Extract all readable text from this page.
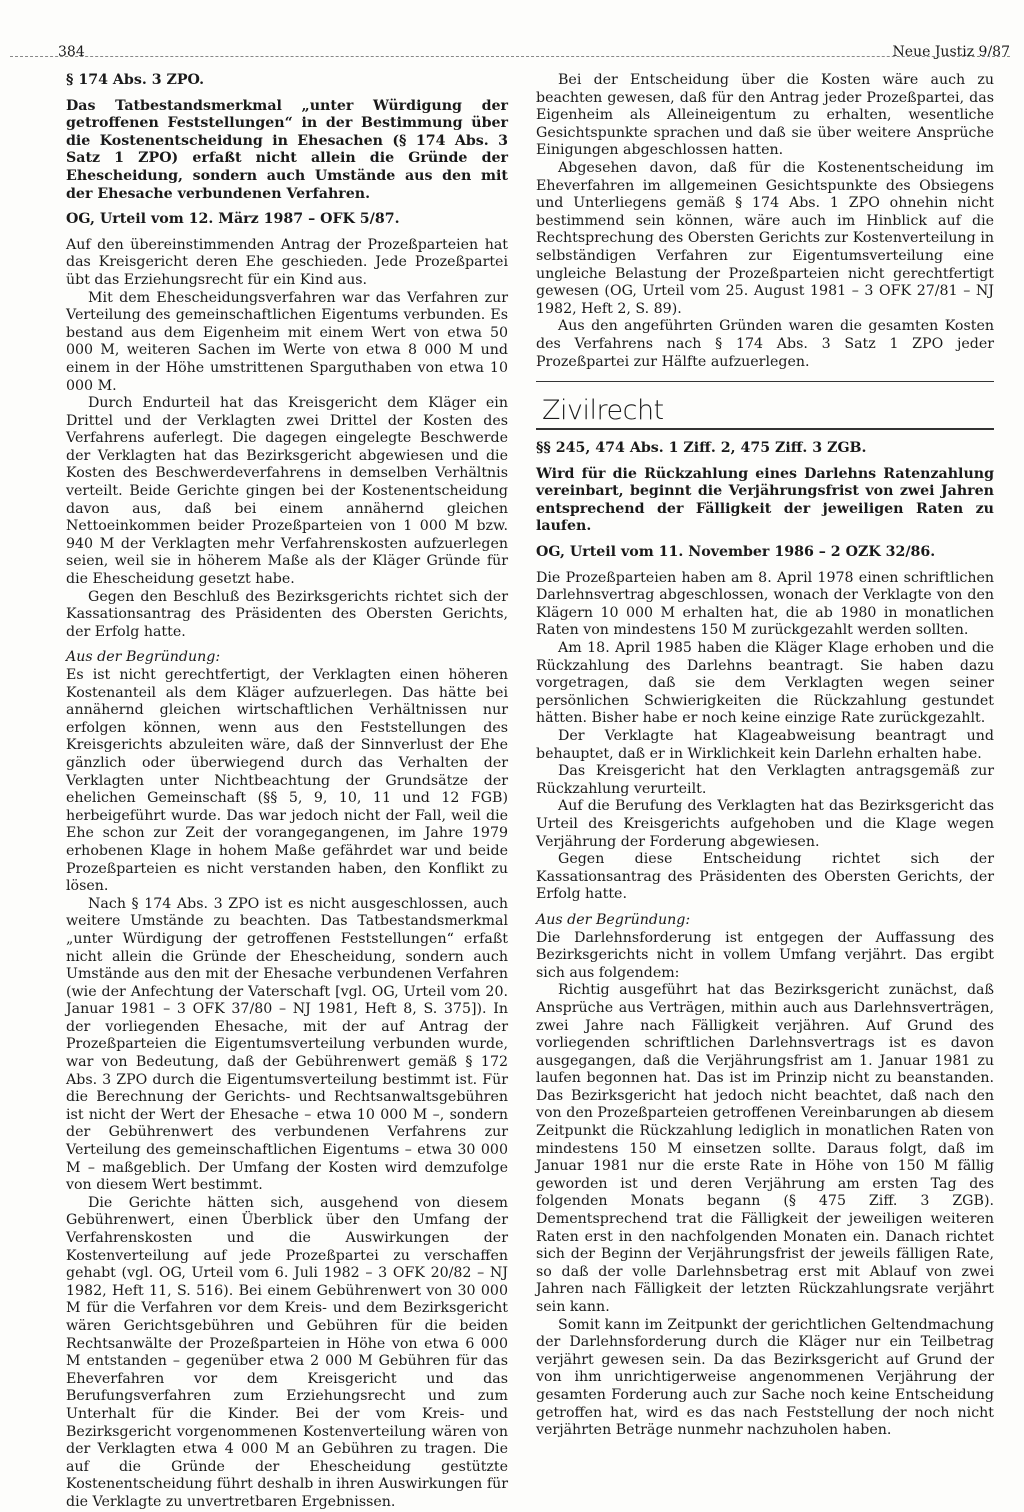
384	Neue Justiz 9/87

§ 174 Abs. 3 ZPO.

Das Tatbestandsmerkmal „unter Würdigung der getroffenen Feststellungen“ in der Bestimmung über die Kostenentscheidung in Ehesachen (§ 174 Abs. 3 Satz 1 ZPO) erfaßt nicht allein die Gründe der Ehescheidung, sondern auch Umstände aus den mit der Ehesache verbundenen Verfahren.

OG, Urteil vom 12. März 1987 – OFK 5/87.

Auf den übereinstimmenden Antrag der Prozeßparteien hat das Kreisgericht deren Ehe geschieden. Jede Prozeßpartei übt das Erziehungsrecht für ein Kind aus.

Mit dem Ehescheidungsverfahren war das Verfahren zur Verteilung des gemeinschaftlichen Eigentums verbunden. Es bestand aus dem Eigenheim mit einem Wert von etwa 50 000 M, weiteren Sachen im Werte von etwa 8 000 M und einem in der Höhe umstrittenen Sparguthaben von etwa 10 000 M.

Durch Endurteil hat das Kreisgericht dem Kläger ein Drittel und der Verklagten zwei Drittel der Kosten des Verfahrens auferlegt. Die dagegen eingelegte Beschwerde der Verklagten hat das Bezirksgericht abgewiesen und die Kosten des Beschwerdeverfahrens in demselben Verhältnis verteilt. Beide Gerichte gingen bei der Kostenentscheidung davon aus, daß bei einem annähernd gleichen Nettoeinkommen beider Prozeßparteien von 1 000 M bzw. 940 M der Verklagten mehr Verfahrenskosten aufzuerlegen seien, weil sie in höherem Maße als der Kläger Gründe für die Ehescheidung gesetzt habe.

Gegen den Beschluß des Bezirksgerichts richtet sich der Kassationsantrag des Präsidenten des Obersten Gerichts, der Erfolg hatte.

Aus der Begründung:

Es ist nicht gerechtfertigt, der Verklagten einen höheren Kostenanteil als dem Kläger aufzuerlegen. Das hätte bei annähernd gleichen wirtschaftlichen Verhältnissen nur erfolgen können, wenn aus den Feststellungen des Kreisgerichts abzuleiten wäre, daß der Sinnverlust der Ehe gänzlich oder überwiegend durch das Verhalten der Verklagten unter Nichtbeachtung der Grundsätze der ehelichen Gemeinschaft (§§ 5, 9, 10, 11 und 12 FGB) herbeigeführt wurde. Das war jedoch nicht der Fall, weil die Ehe schon zur Zeit der vorangegangenen, im Jahre 1979 erhobenen Klage in hohem Maße gefährdet war und beide Prozeßparteien es nicht verstanden haben, den Konflikt zu lösen.

Nach § 174 Abs. 3 ZPO ist es nicht ausgeschlossen, auch weitere Umstände zu beachten. Das Tatbestandsmerkmal „unter Würdigung der getroffenen Feststellungen“ erfaßt nicht allein die Gründe der Ehescheidung, sondern auch Umstände aus den mit der Ehesache verbundenen Verfahren (wie der Anfechtung der Vaterschaft [vgl. OG, Urteil vom 20. Januar 1981 – 3 OFK 37/80 – NJ 1981, Heft 8, S. 375]). In der vorliegenden Ehesache, mit der auf Antrag der Prozeßparteien die Eigentumsverteilung verbunden wurde, war von Bedeutung, daß der Gebührenwert gemäß § 172 Abs. 3 ZPO durch die Eigentumsverteilung bestimmt ist. Für die Berechnung der Gerichts- und Rechtsanwaltsgebühren ist nicht der Wert der Ehesache – etwa 10 000 M –, sondern der Gebührenwert des verbundenen Verfahrens zur Verteilung des gemeinschaftlichen Eigentums – etwa 30 000 M – maßgeblich. Der Umfang der Kosten wird demzufolge von diesem Wert bestimmt.

Die Gerichte hätten sich, ausgehend von diesem Gebührenwert, einen Überblick über den Umfang der Verfahrenskosten und die Auswirkungen der Kostenverteilung auf jede Prozeßpartei zu verschaffen gehabt (vgl. OG, Urteil vom 6. Juli 1982 – 3 OFK 20/82 – NJ 1982, Heft 11, S. 516). Bei einem Gebührenwert von 30 000 M für die Verfahren vor dem Kreis- und dem Bezirksgericht wären Gerichtsgebühren und Gebühren für die beiden Rechtsanwälte der Prozeßparteien in Höhe von etwa 6 000 M entstanden – gegenüber etwa 2 000 M Gebühren für das Eheverfahren vor dem Kreisgericht und das Berufungsverfahren zum Erziehungsrecht und zum Unterhalt für die Kinder. Bei der vom Kreis- und Bezirksgericht vorgenommenen Kostenverteilung wären von der Verklagten etwa 4 000 M an Gebühren zu tragen. Die auf die Gründe der Ehescheidung gestützte Kostenentscheidung führt deshalb in ihren Auswirkungen für die Verklagte zu unvertretbaren Ergebnissen.

Bei der Entscheidung über die Kosten wäre auch zu beachten gewesen, daß für den Antrag jeder Prozeßpartei, das Eigenheim als Alleineigentum zu erhalten, wesentliche Gesichtspunkte sprachen und daß sie über weitere Ansprüche Einigungen abgeschlossen hatten.

Abgesehen davon, daß für die Kostenentscheidung im Eheverfahren im allgemeinen Gesichtspunkte des Obsiegens und Unterliegens gemäß § 174 Abs. 1 ZPO ohnehin nicht bestimmend sein können, wäre auch im Hinblick auf die Rechtsprechung des Obersten Gerichts zur Kostenverteilung in selbständigen Verfahren zur Eigentumsverteilung eine ungleiche Belastung der Prozeßparteien nicht gerechtfertigt gewesen (OG, Urteil vom 25. August 1981 – 3 OFK 27/81 – NJ 1982, Heft 2, S. 89).

Aus den angeführten Gründen waren die gesamten Kosten des Verfahrens nach § 174 Abs. 3 Satz 1 ZPO jeder Prozeßpartei zur Hälfte aufzuerlegen.

Zivilrecht

§§ 245, 474 Abs. 1 Ziff. 2, 475 Ziff. 3 ZGB.

Wird für die Rückzahlung eines Darlehns Ratenzahlung vereinbart, beginnt die Verjährungsfrist von zwei Jahren entsprechend der Fälligkeit der jeweiligen Raten zu laufen.

OG, Urteil vom 11. November 1986 – 2 OZK 32/86.

Die Prozeßparteien haben am 8. April 1978 einen schriftlichen Darlehnsvertrag abgeschlossen, wonach der Verklagte von den Klägern 10 000 M erhalten hat, die ab 1980 in monatlichen Raten von mindestens 150 M zurückgezahlt werden sollten.

Am 18. April 1985 haben die Kläger Klage erhoben und die Rückzahlung des Darlehns beantragt. Sie haben dazu vorgetragen, daß sie dem Verklagten wegen seiner persönlichen Schwierigkeiten die Rückzahlung gestundet hätten. Bisher habe er noch keine einzige Rate zurückgezahlt.

Der Verklagte hat Klageabweisung beantragt und behauptet, daß er in Wirklichkeit kein Darlehn erhalten habe.

Das Kreisgericht hat den Verklagten antragsgemäß zur Rückzahlung verurteilt.

Auf die Berufung des Verklagten hat das Bezirksgericht das Urteil des Kreisgerichts aufgehoben und die Klage wegen Verjährung der Forderung abgewiesen.

Gegen diese Entscheidung richtet sich der Kassationsantrag des Präsidenten des Obersten Gerichts, der Erfolg hatte.

Aus der Begründung:

Die Darlehnsforderung ist entgegen der Auffassung des Bezirksgerichts nicht in vollem Umfang verjährt. Das ergibt sich aus folgendem:

Richtig ausgeführt hat das Bezirksgericht zunächst, daß Ansprüche aus Verträgen, mithin auch aus Darlehnsverträgen, zwei Jahre nach Fälligkeit verjähren. Auf Grund des vorliegenden schriftlichen Darlehnsvertrags ist es davon ausgegangen, daß die Verjährungsfrist am 1. Januar 1981 zu laufen begonnen hat. Das ist im Prinzip nicht zu beanstanden. Das Bezirksgericht hat jedoch nicht beachtet, daß nach den von den Prozeßparteien getroffenen Vereinbarungen ab diesem Zeitpunkt die Rückzahlung lediglich in monatlichen Raten von mindestens 150 M einsetzen sollte. Daraus folgt, daß im Januar 1981 nur die erste Rate in Höhe von 150 M fällig geworden ist und deren Verjährung am ersten Tag des folgenden Monats begann (§ 475 Ziff. 3 ZGB). Dementsprechend trat die Fälligkeit der jeweiligen weiteren Raten erst in den nachfolgenden Monaten ein. Danach richtet sich der Beginn der Verjährungsfrist der jeweils fälligen Rate, so daß der volle Darlehnsbetrag erst mit Ablauf von zwei Jahren nach Fälligkeit der letzten Rückzahlungsrate verjährt sein kann.

Somit kann im Zeitpunkt der gerichtlichen Geltendmachung der Darlehnsforderung durch die Kläger nur ein Teilbetrag verjährt gewesen sein. Da das Bezirksgericht auf Grund der von ihm unrichtigerweise angenommenen Verjährung der gesamten Forderung auch zur Sache noch keine Entscheidung getroffen hat, wird es das nach Feststellung der noch nicht verjährten Beträge nunmehr nachzuholen haben.
